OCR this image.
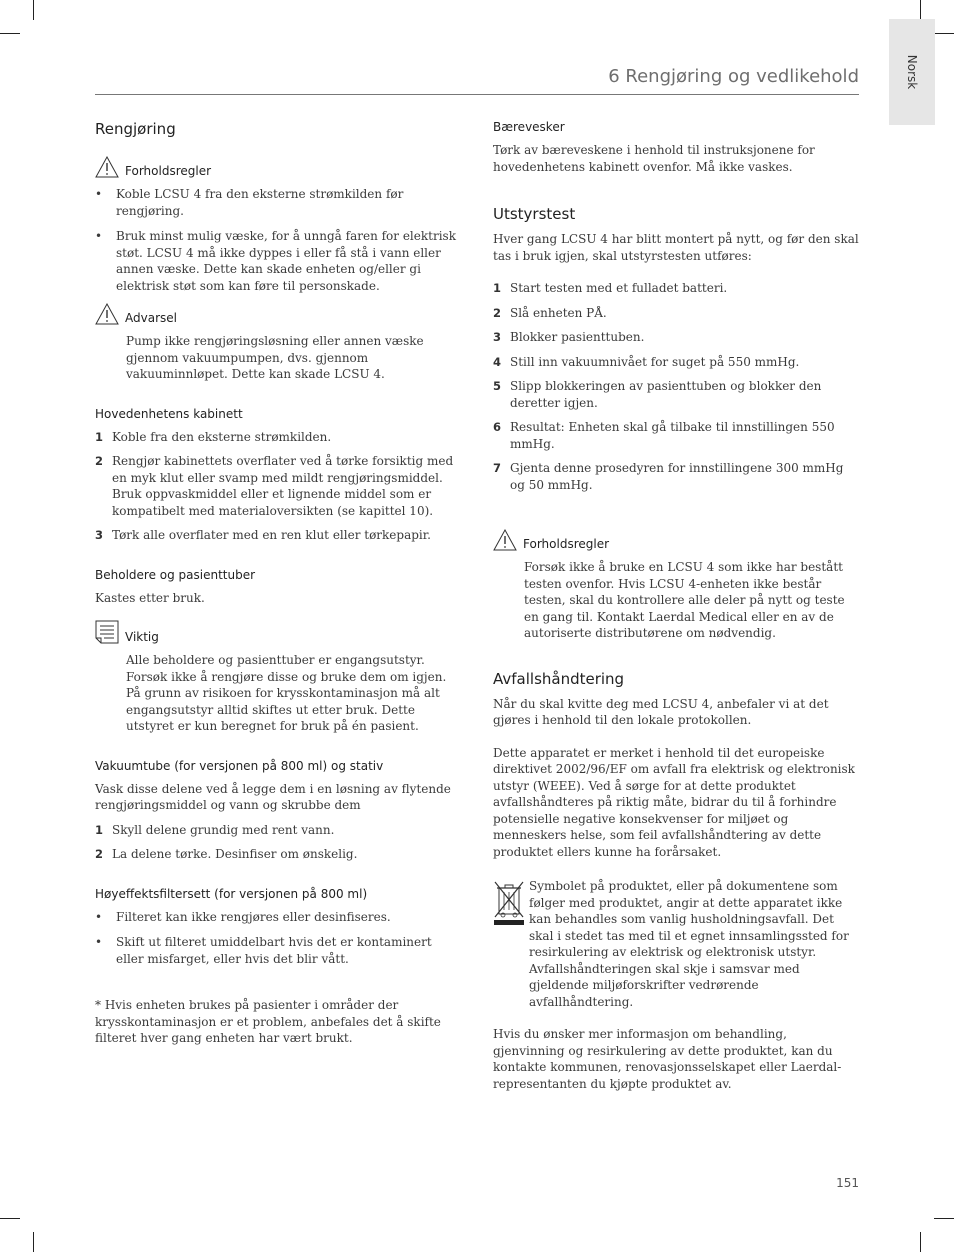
Norsk
6 Rengjøring og vedlikehold
Rengjøring
Forholdsregler
• Koble LCSU 4 fra den eksterne strømkilden før rengjøring.
• Bruk minst mulig væske, for å unngå faren for elektrisk støt. LCSU 4 må ikke dyppes i eller få stå i vann eller annen væske. Dette kan skade enheten og/eller gi elektrisk støt som kan føre til personskade.
Advarsel
Pump ikke rengjøringsløsning eller annen væske gjennom vakuumpumpen, dvs. gjennom vakuuminnløpet. Dette kan skade LCSU 4.
Hovedenhetens kabinett
1 Koble fra den eksterne strømkilden.
2 Rengjør kabinettets overflater ved å tørke forsiktig med en myk klut eller svamp med mildt rengjøringsmiddel. Bruk oppvaskmiddel eller et lignende middel som er kompatibelt med materialoversikten (se kapittel 10).
3 Tørk alle overflater med en ren klut eller tørkepapir.
Beholdere og pasienttuber

Kastes etter bruk.

Viktig
Alle beholdere og pasienttuber er engangsutstyr. Forsøk ikke å rengjøre disse og bruke dem om igjen. På grunn av risikoen for krysskontaminasjon må alt engangsutstyr alltid skiftes ut etter bruk. Dette utstyret er kun beregnet for bruk på én pasient.
Vakuumtube (for versjonen på 800 ml) og stativ

Vask disse delene ved å legge dem i en løsning av flytende rengjøringsmiddel og vann og skrubbe dem

1 Skyll delene grundig med rent vann.
2 La delene tørke. Desinfiser om ønskelig.
Høyeffektsfiltersett (for versjonen på 800 ml)
• Filteret kan ikke rengjøres eller desinfiseres.
• Skift ut filteret umiddelbart hvis det er kontaminert eller misfarget, eller hvis det blir vått.

* Hvis enheten brukes på pasienter i områder der krysskontaminasjon er et problem, anbefales det å skifte filteret hver gang enheten har vært brukt.

Bærevesker

Tørk av bæreveskene i henhold til instruksjonene for hovedenhetens kabinett ovenfor. Må ikke vaskes.

Utstyrstest

Hver gang LCSU 4 har blitt montert på nytt, og før den skal tas i bruk igjen, skal utstyrstesten utføres:

1 Start testen med et fulladet batteri.
2 Slå enheten PÅ.
3 Blokker pasienttuben.
4 Still inn vakuumnivået for suget på 550 mmHg.
5 Slipp blokkeringen av pasienttuben og blokker den deretter igjen.
6 Resultat: Enheten skal gå tilbake til innstillingen 550 mmHg.
7 Gjenta denne prosedyren for innstillingene 300 mmHg og 50 mmHg.
Forholdsregler
Forsøk ikke å bruke en LCSU 4 som ikke har bestått testen ovenfor. Hvis LCSU 4-enheten ikke består testen, skal du kontrollere alle deler på nytt og teste en gang til. Kontakt Laerdal Medical eller en av de autoriserte distributørene om nødvendig.
Avfallshåndtering

Når du skal kvitte deg med LCSU 4, anbefaler vi at det gjøres i henhold til den lokale protokollen.

Dette apparatet er merket i henhold til det europeiske direktivet 2002/96/EF om avfall fra elektrisk og elektronisk utstyr (WEEE). Ved å sørge for at dette produktet avfallshåndteres på riktig måte, bidrar du til å forhindre potensielle negative konsekvenser for miljøet og menneskers helse, som feil avfallshåndtering av dette produktet ellers kunne ha forårsaket.

Symbolet på produktet, eller på dokumentene som følger med produktet, angir at dette apparatet ikke kan behandles som vanlig husholdningsavfall. Det skal i stedet tas med til et egnet innsamlingssted for resirkulering av elektrisk og elektronisk utstyr. Avfallshåndteringen skal skje i samsvar med gjeldende miljøforskrifter vedrørende avfallhåndtering.

Hvis du ønsker mer informasjon om behandling, gjenvinning og resirkulering av dette produktet, kan du kontakte kommunen, renovasjonsselskapet eller Laerdal-representanten du kjøpte produktet av.

151
